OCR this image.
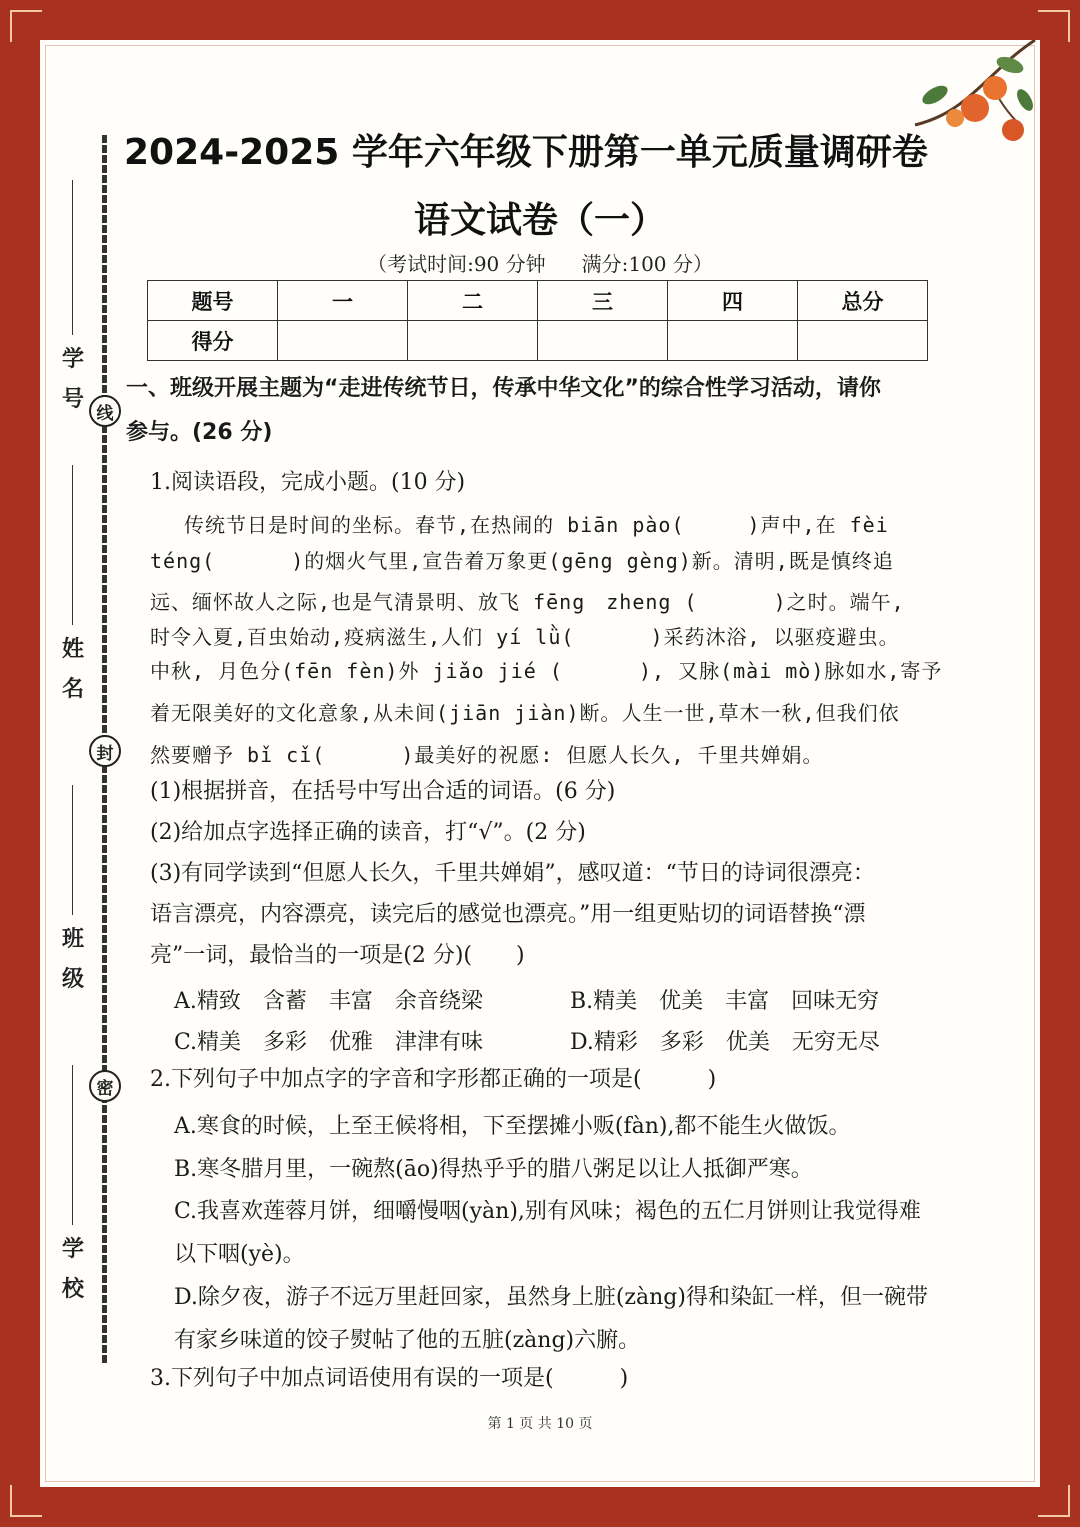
线
封
密
学
号
姓
名
班
级
学
校
2024-2025 学年六年级下册第一单元质量调研卷
语文试卷（一）
（考试时间:90 分钟 满分:100 分）
题号	一	二	三	四	总分
得分					
一、班级开展主题为“走进传统节日，传承中华文化”的综合性学习活动，请你
参与。(26 分)
1.阅读语段，完成小题。(10 分)
　 传统节日是时间的坐标。春节,在热闹的 biān pào(　　　)声中,在 fèi
téng(　　　 )的烟火气里,宣告着万象更(gēng gèng)新。清明,既是慎终追
远、缅怀故人之际,也是气清景明、放飞 fēng　zheng (　　　 )之时。端午,
时令入夏,百虫始动,疫病滋生,人们 yí lǜ(　　　 )采药沐浴, 以驱疫避虫。
中秋, 月色分(fēn fèn)外 jiǎo jié (　　　 ), 又脉(mài mò)脉如水,寄予
着无限美好的文化意象,从未间(jiān jiàn)断。人生一世,草木一秋,但我们依
然要赠予 bǐ cǐ(　　　 )最美好的祝愿: 但愿人长久, 千里共婵娟。
(1)根据拼音，在括号中写出合适的词语。(6 分)
(2)给加点字选择正确的读音，打“√”。(2 分)
(3)有同学读到“但愿人长久，千里共婵娟”，感叹道：“节日的诗词很漂亮：
语言漂亮，内容漂亮，读完后的感觉也漂亮。”用一组更贴切的词语替换“漂
亮”一词，最恰当的一项是(2 分)(　　)
A.精致　含蓄　丰富　余音绕梁	B.精美　优美　丰富　回味无穷
C.精美　多彩　优雅　津津有味	D.精彩　多彩　优美　无穷无尽
2.下列句子中加点字的字音和字形都正确的一项是(　　　)
A.寒食的时候，上至王候将相，下至摆摊小贩(fàn),都不能生火做饭。
B.寒冬腊月里，一碗熬(āo)得热乎乎的腊八粥足以让人抵御严寒。
C.我喜欢莲蓉月饼，细嚼慢咽(yàn),别有风味；褐色的五仁月饼则让我觉得难
以下咽(yè)。
D.除夕夜，游子不远万里赶回家，虽然身上脏(zàng)得和染缸一样，但一碗带
有家乡味道的饺子熨帖了他的五脏(zàng)六腑。
3.下列句子中加点词语使用有误的一项是(　　　)
第 1 页 共 10 页
